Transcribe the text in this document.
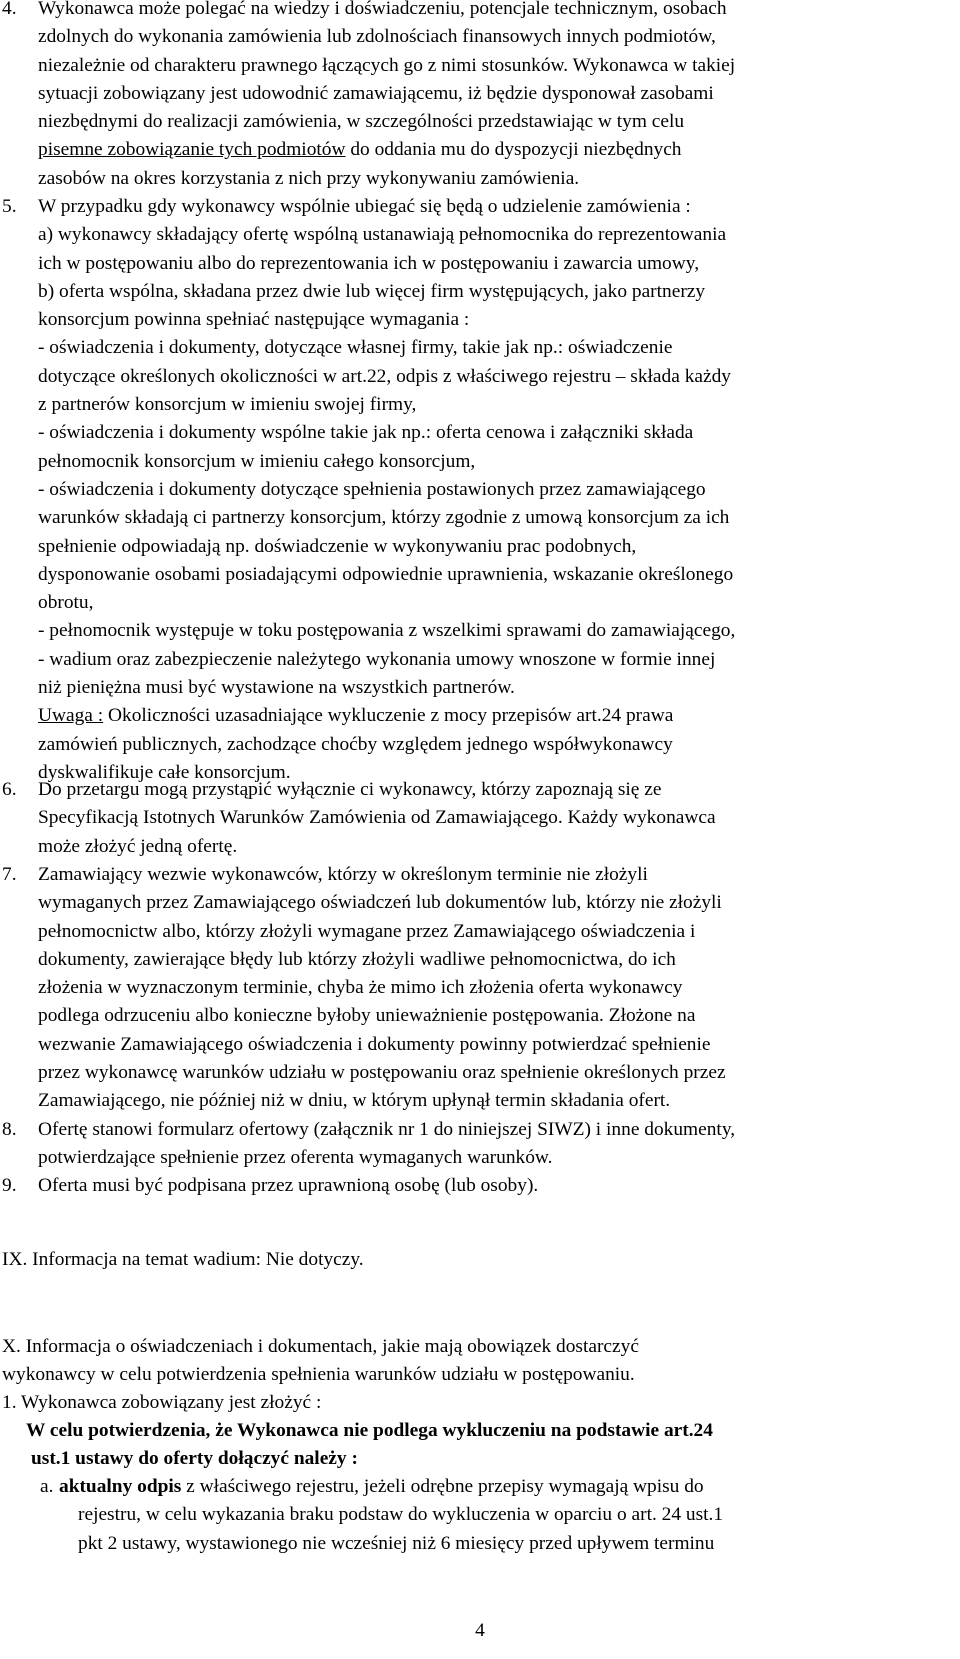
4. Wykonawca może polegać na wiedzy i doświadczeniu, potencjale technicznym, osobach
zdolnych do wykonania zamówienia lub zdolnościach finansowych innych podmiotów,
niezależnie od charakteru prawnego łączących go z nimi stosunków. Wykonawca w takiej
sytuacji zobowiązany jest udowodnić zamawiającemu, iż będzie dysponował zasobami
niezbędnymi do realizacji zamówienia, w szczególności przedstawiając w tym celu
pisemne zobowiązanie tych podmiotów do oddania mu do dyspozycji niezbędnych
zasobów na okres korzystania z nich przy wykonywaniu zamówienia.
5. W przypadku gdy wykonawcy wspólnie ubiegać się będą o udzielenie zamówienia :
a) wykonawcy składający ofertę wspólną ustanawiają pełnomocnika do reprezentowania
ich w postępowaniu albo do reprezentowania ich w postępowaniu i zawarcia umowy,
b) oferta wspólna, składana przez dwie lub więcej firm występujących, jako partnerzy
konsorcjum powinna spełniać następujące wymagania :
- oświadczenia i dokumenty, dotyczące własnej firmy, takie jak np.: oświadczenie
dotyczące określonych okoliczności w art.22, odpis z właściwego rejestru – składa każdy
z partnerów konsorcjum w imieniu swojej firmy,
- oświadczenia i dokumenty wspólne takie jak np.: oferta cenowa i załączniki składa
pełnomocnik konsorcjum w imieniu całego konsorcjum,
- oświadczenia i dokumenty dotyczące spełnienia postawionych przez zamawiającego
warunków składają ci partnerzy konsorcjum, którzy zgodnie z umową konsorcjum za ich
spełnienie odpowiadają np. doświadczenie w wykonywaniu prac podobnych,
dysponowanie osobami posiadającymi odpowiednie uprawnienia, wskazanie określonego
obrotu,
- pełnomocnik występuje w toku postępowania z wszelkimi sprawami do zamawiającego,
- wadium oraz zabezpieczenie należytego wykonania umowy wnoszone w formie innej
niż pieniężna musi być wystawione na wszystkich partnerów.
Uwaga : Okoliczności uzasadniające wykluczenie z mocy przepisów art.24 prawa
zamówień publicznych, zachodzące choćby względem jednego współwykonawcy
dyskwalifikuje całe konsorcjum.
6. Do przetargu mogą przystąpić wyłącznie ci wykonawcy, którzy zapoznają się ze
Specyfikacją Istotnych Warunków Zamówienia od Zamawiającego. Każdy wykonawca
może złożyć jedną ofertę.
7. Zamawiający wezwie wykonawców, którzy w określonym terminie nie złożyli
wymaganych przez Zamawiającego oświadczeń lub dokumentów lub, którzy nie złożyli
pełnomocnictw albo, którzy złożyli wymagane przez Zamawiającego oświadczenia i
dokumenty, zawierające błędy lub którzy złożyli wadliwe pełnomocnictwa, do ich
złożenia w wyznaczonym terminie, chyba że mimo ich złożenia oferta wykonawcy
podlega odrzuceniu albo konieczne byłoby unieważnienie postępowania. Złożone na
wezwanie Zamawiającego oświadczenia i dokumenty powinny potwierdzać spełnienie
przez wykonawcę warunków udziału w postępowaniu oraz spełnienie określonych przez
Zamawiającego, nie później niż w dniu, w którym upłynął termin składania ofert.
8. Ofertę stanowi formularz ofertowy (załącznik nr 1 do niniejszej SIWZ) i inne dokumenty,
potwierdzające spełnienie przez oferenta wymaganych warunków.
9. Oferta musi być podpisana przez uprawnioną osobę (lub osoby).
IX. Informacja na temat wadium: Nie dotyczy.
X. Informacja o oświadczeniach i dokumentach, jakie mają obowiązek dostarczyć
wykonawcy w celu potwierdzenia spełnienia warunków udziału w postępowaniu.
1. Wykonawca zobowiązany jest złożyć :
W celu potwierdzenia, że Wykonawca nie podlega wykluczeniu na podstawie art.24
ust.1 ustawy do oferty dołączyć należy :
a. aktualny odpis z właściwego rejestru, jeżeli odrębne przepisy wymagają wpisu do
rejestru, w celu wykazania braku podstaw do wykluczenia w oparciu o art. 24 ust.1
pkt 2 ustawy, wystawionego nie wcześniej niż 6 miesięcy przed upływem terminu
4
